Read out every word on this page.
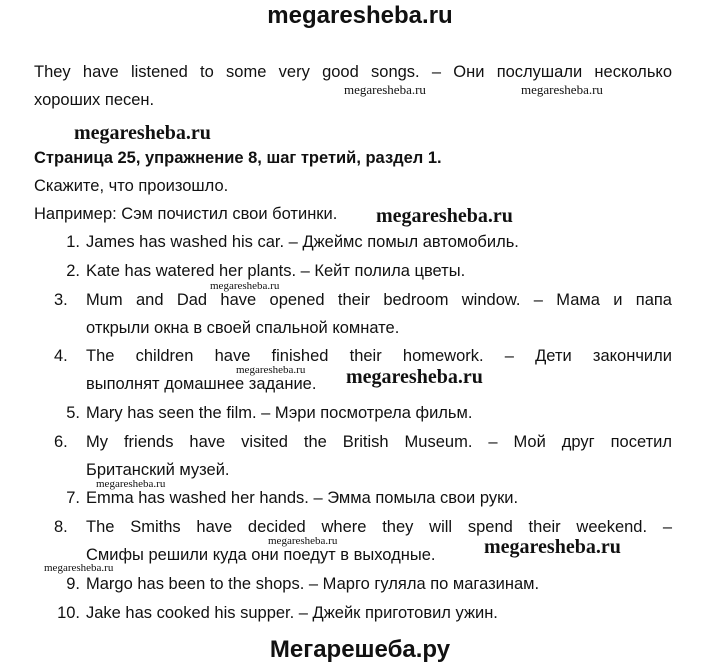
megaresheba.ru
They have listened to some very good songs. – Они послушали несколько
хороших песен.
megaresheba.ru	megaresheba.ru
megaresheba.ru
Страница 25, упражнение 8, шаг третий, раздел 1.
Скажите, что произошло.
Например: Сэм почистил свои ботинки. megaresheba.ru
1. James has washed his car. – Джеймс помыл автомобиль.
2. Kate has watered her plants. – Кейт полила цветы.
megaresheba.ru
3. Mum and Dad have opened their bedroom window. – Мама и папа
открыли окна в своей спальной комнате.
4. The children have finished their homework. – Дети закончили
megaresheba.ru
выполнят домашнее задание. megaresheba.ru
5. Mary has seen the film. – Мэри посмотрела фильм.
6. My friends have visited the British Museum. – Мой друг посетил
Британский музей.
megaresheba.ru
7. Emma has washed her hands. – Эмма помыла свои руки.
8. The Smiths have decided where they will spend their weekend. –
megaresheba.ru
Смифы решили куда они поедут в выходные. megaresheba.ru
megaresheba.ru
9. Margo has been to the shops. – Марго гуляла по магазинам.
10. Jake has cooked his supper. – Джейк приготовил ужин.
Мегарешеба.ру
